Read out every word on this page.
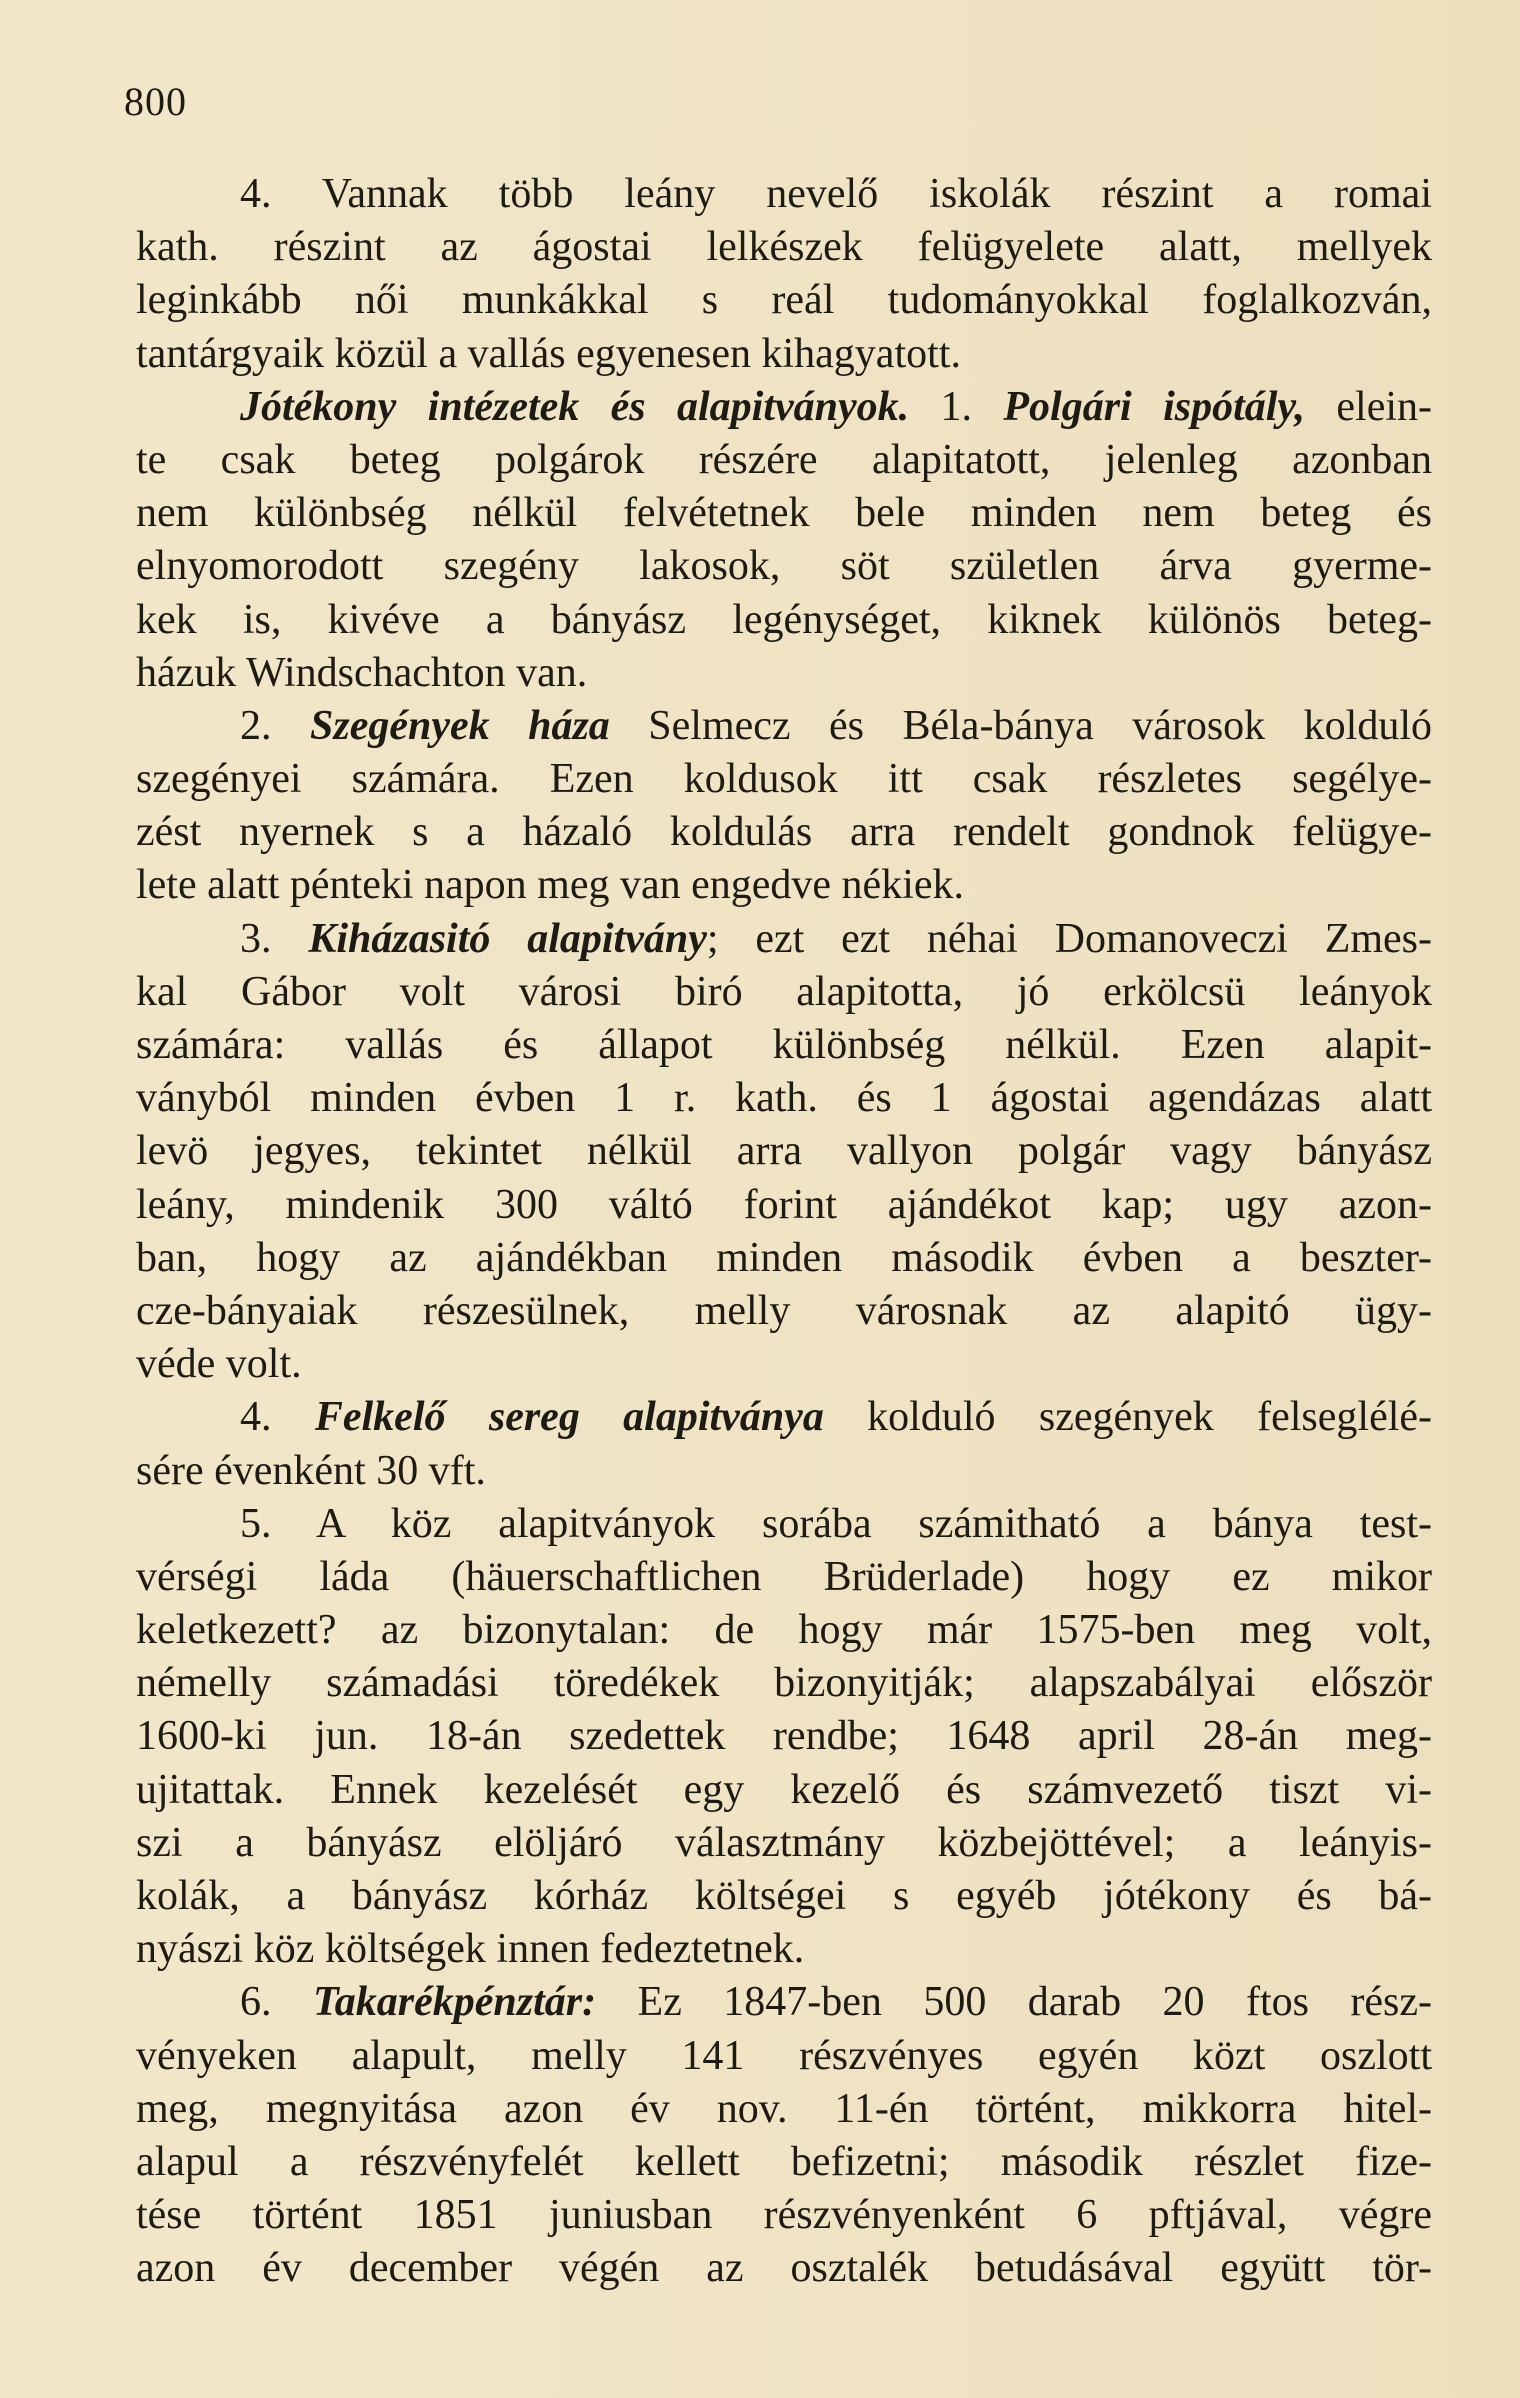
800
4. Vannak több leány nevelő iskolák részint a romai
kath. részint az ágostai lelkészek felügyelete alatt, mellyek
leginkább női munkákkal s reál tudományokkal foglalkozván,
tantárgyaik közül a vallás egyenesen kihagyatott.
Jótékony intézetek és alapitványok. 1. Polgári ispótály, elein-
te csak beteg polgárok részére alapitatott, jelenleg azonban
nem különbség nélkül felvétetnek bele minden nem beteg és
elnyomorodott szegény lakosok, söt születlen árva gyerme-
kek is, kivéve a bányász legénységet, kiknek különös beteg-
házuk Windschachton van.
2. Szegények háza Selmecz és Béla-bánya városok kolduló
szegényei számára. Ezen koldusok itt csak részletes segélye-
zést nyernek s a házaló koldulás arra rendelt gondnok felügye-
lete alatt pénteki napon meg van engedve nékiek.
3. Kiházasitó alapitvány; ezt ezt néhai Domanoveczi Zmes-
kal Gábor volt városi biró alapitotta, jó erkölcsü leányok
számára: vallás és állapot különbség nélkül. Ezen alapit-
ványból minden évben 1 r. kath. és 1 ágostai agendázas alatt
levö jegyes, tekintet nélkül arra vallyon polgár vagy bányász
leány, mindenik 300 váltó forint ajándékot kap; ugy azon-
ban, hogy az ajándékban minden második évben a beszter-
cze-bányaiak részesülnek, melly városnak az alapitó ügy-
véde volt.
4. Felkelő sereg alapitványa kolduló szegények felseglélé-
sére évenként 30 vft.
5. A köz alapitványok sorába számitható a bánya test-
vérségi láda (häuerschaftlichen Brüderlade) hogy ez mikor
keletkezett? az bizonytalan: de hogy már 1575-ben meg volt,
némelly számadási töredékek bizonyitják; alapszabályai először
1600-ki jun. 18-án szedettek rendbe; 1648 april 28-án meg-
ujitattak. Ennek kezelését egy kezelő és számvezető tiszt vi-
szi a bányász elöljáró választmány közbejöttével; a leányis-
kolák, a bányász kórház költségei s egyéb jótékony és bá-
nyászi köz költségek innen fedeztetnek.
6. Takarékpénztár: Ez 1847-ben 500 darab 20 ftos rész-
vényeken alapult, melly 141 részvényes egyén közt oszlott
meg, megnyitása azon év nov. 11-én történt, mikkorra hitel-
alapul a részvényfelét kellett befizetni; második részlet fize-
tése történt 1851 juniusban részvényenként 6 pftjával, végre
azon év december végén az osztalék betudásával együtt tör-
